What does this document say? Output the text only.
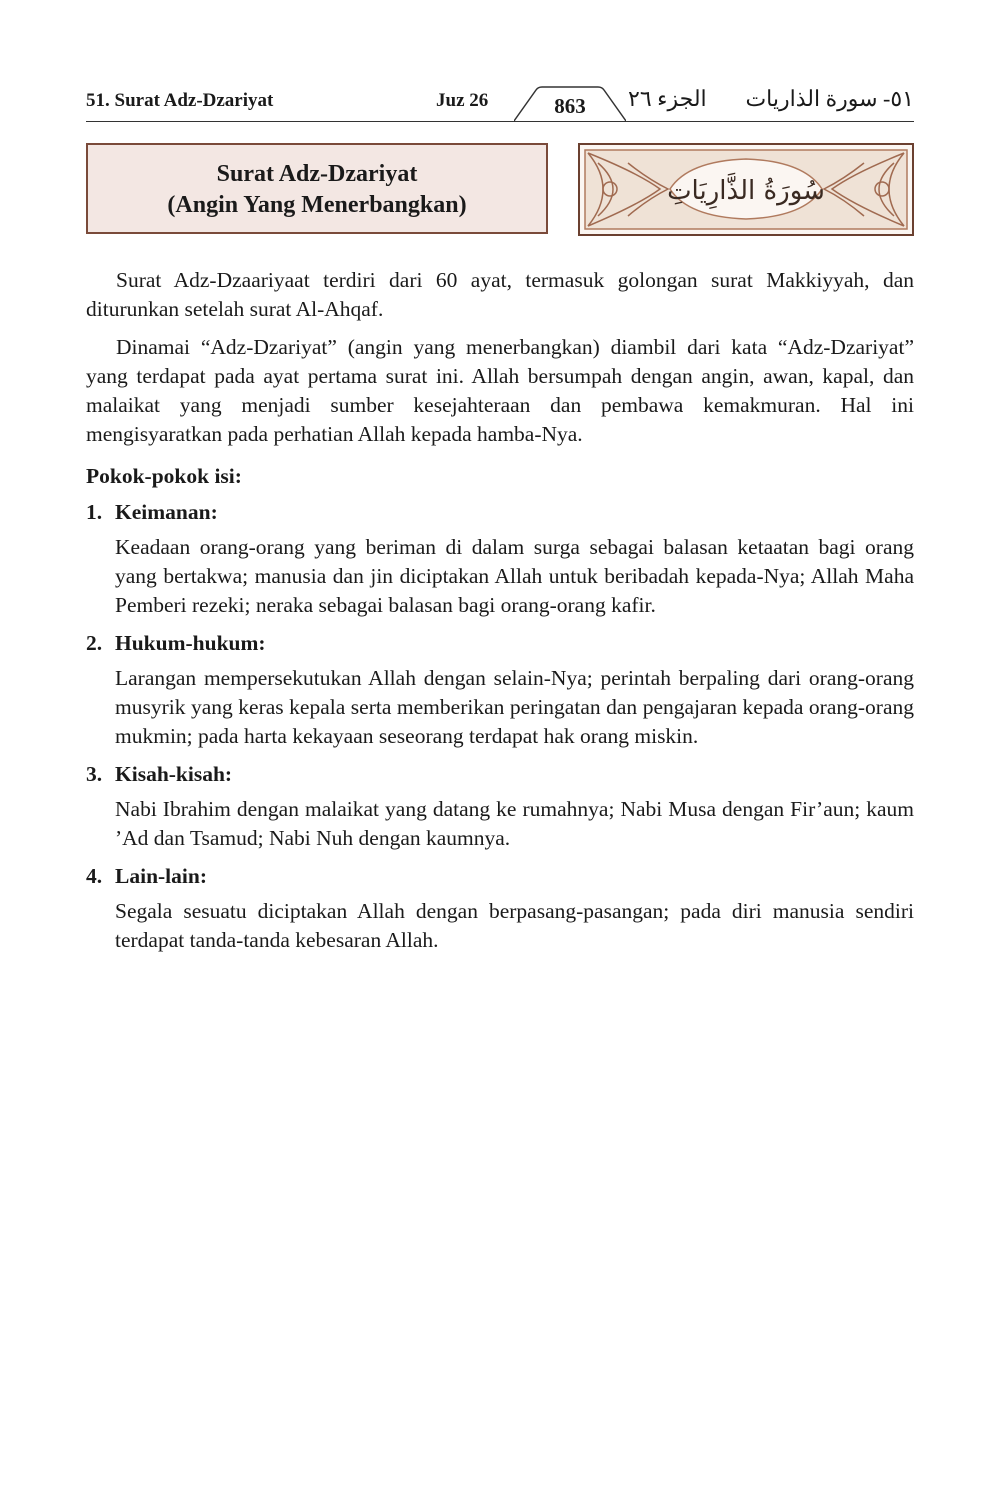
51. Surat Adz-Dzariyat	Juz 26	863	الجزء ٢٦ ٥١- سورة الذاريات
Surat Adz-Dzariyat
(Angin Yang Menerbangkan)	سُورَةُ الذَّارِيَاتِ

Surat Adz-Dzaariyaat terdiri dari 60 ayat, termasuk golongan surat Makkiyyah, dan diturunkan setelah surat Al-Ahqaf.

Dinamai “Adz-Dzariyat” (angin yang menerbangkan) diambil dari kata “Adz-Dzariyat” yang terdapat pada ayat pertama surat ini. Allah bersumpah dengan angin, awan, kapal, dan malaikat yang menjadi sumber kesejahteraan dan pembawa kemakmuran. Hal ini mengisyaratkan pada perhatian Allah kepada hamba-Nya.

Pokok-pokok isi:
1. Keimanan:
Keadaan orang-orang yang beriman di dalam surga sebagai balasan ketaatan bagi orang yang bertakwa; manusia dan jin diciptakan Allah untuk beribadah kepada-Nya; Allah Maha Pemberi rezeki; neraka sebagai balasan bagi orang-orang kafir.
2. Hukum-hukum:
Larangan mempersekutukan Allah dengan selain-Nya; perintah berpaling dari orang-orang musyrik yang keras kepala serta memberikan peringatan dan pengajaran kepada orang-orang mukmin; pada harta kekayaan seseorang terdapat hak orang miskin.
3. Kisah-kisah:
Nabi Ibrahim dengan malaikat yang datang ke rumahnya; Nabi Musa dengan Fir’aun; kaum ’Ad dan Tsamud; Nabi Nuh dengan kaumnya.
4. Lain-lain:
Segala sesuatu diciptakan Allah dengan berpasang-pasangan; pada diri manusia sendiri terdapat tanda-tanda kebesaran Allah.
